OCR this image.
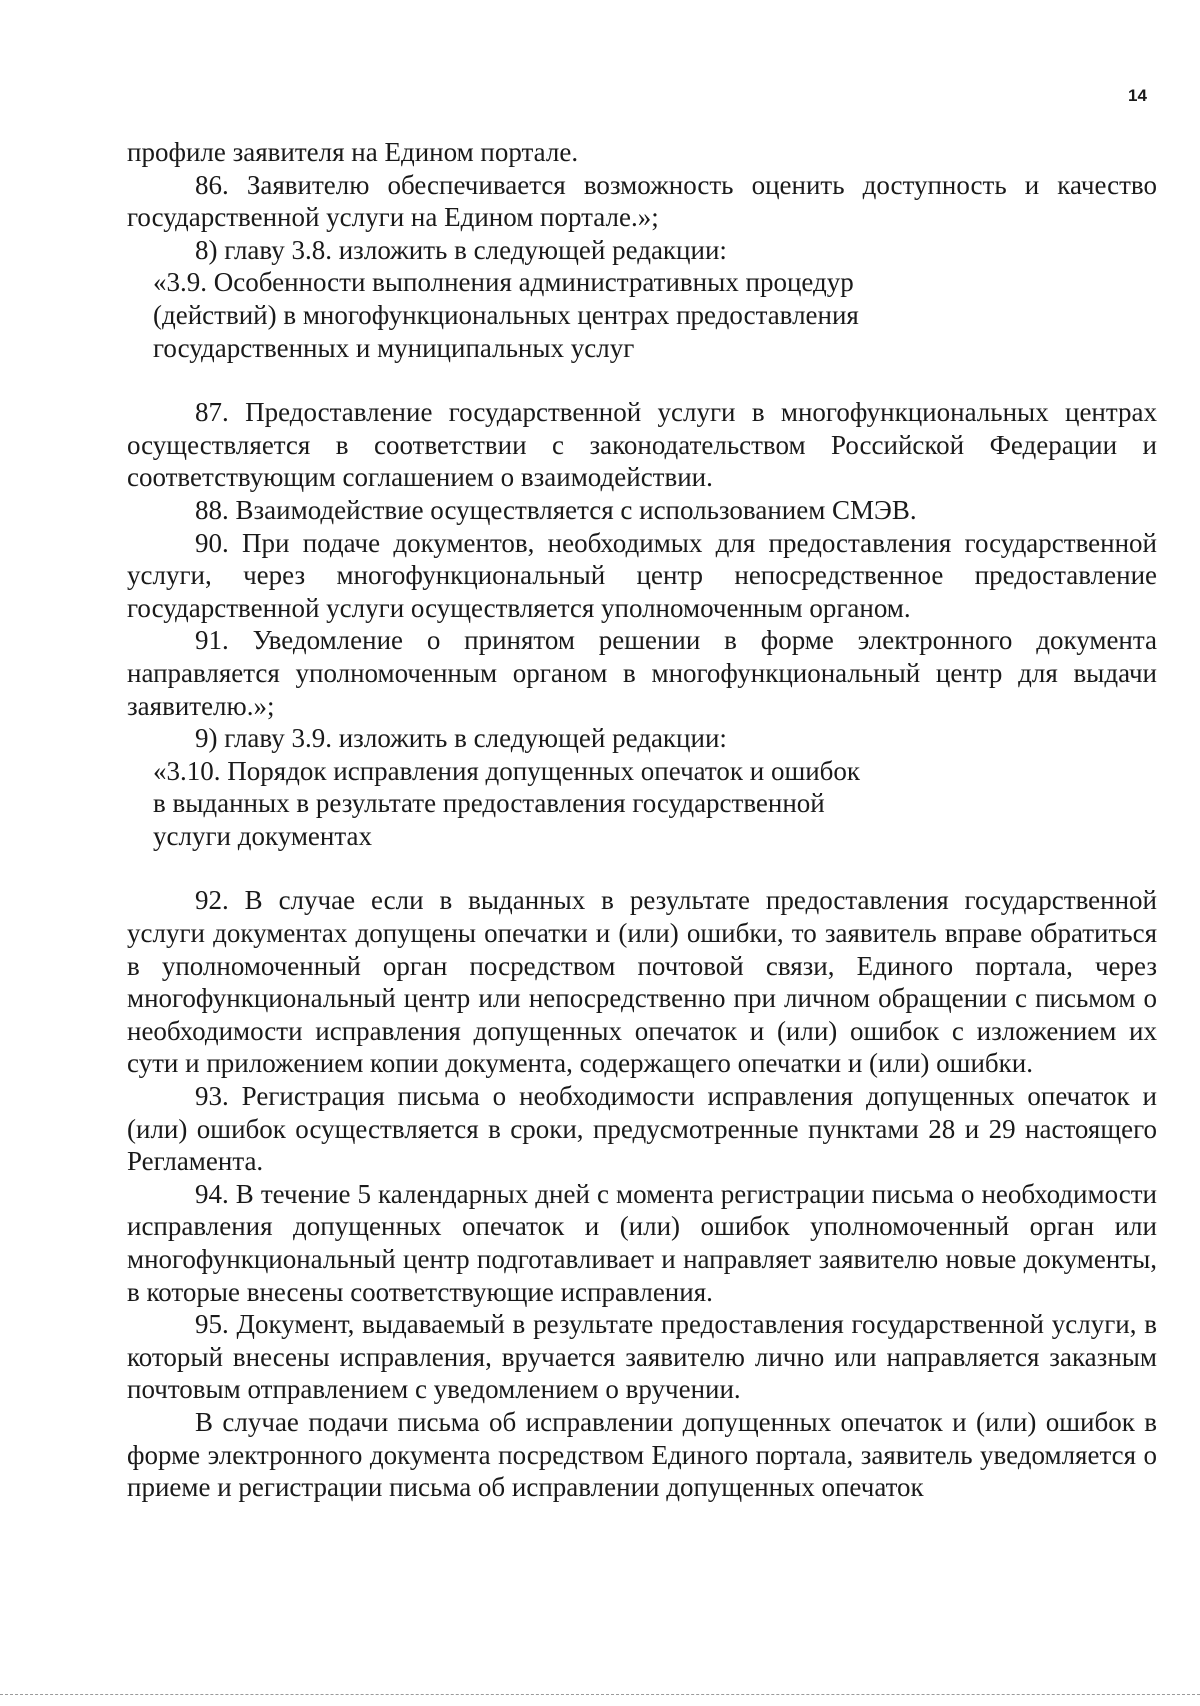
14

профиле заявителя на Едином портале.

86. Заявителю обеспечивается возможность оценить доступность и качество государственной услуги на Едином портале.»;

8) главу 3.8. изложить в следующей редакции:

«3.9. Особенности выполнения административных процедур

(действий) в многофункциональных центрах предоставления

государственных и муниципальных услуг

87. Предоставление государственной услуги в многофункциональных центрах осуществляется в соответствии с законодательством Российской Федерации и соответствующим соглашением о взаимодействии.

88. Взаимодействие осуществляется с использованием СМЭВ.

90. При подаче документов, необходимых для предоставления государственной услуги, через многофункциональный центр непосредственное предоставление государственной услуги осуществляется уполномоченным органом.

91. Уведомление о принятом решении в форме электронного документа направляется уполномоченным органом в многофункциональный центр для выдачи заявителю.»;

9) главу 3.9. изложить в следующей редакции:

«3.10. Порядок исправления допущенных опечаток и ошибок

в выданных в результате предоставления государственной

услуги документах

92. В случае если в выданных в результате предоставления государственной услуги документах допущены опечатки и (или) ошибки, то заявитель вправе обратиться в уполномоченный орган посредством почтовой связи, Единого портала, через многофункциональный центр или непосредственно при личном обращении с письмом о необходимости исправления допущенных опечаток и (или) ошибок с изложением их сути и приложением копии документа, содержащего опечатки и (или) ошибки.

93. Регистрация письма о необходимости исправления допущенных опечаток и (или) ошибок осуществляется в сроки, предусмотренные пунктами 28 и 29 настоящего Регламента.

94. В течение 5 календарных дней с момента регистрации письма о необходимости исправления допущенных опечаток и (или) ошибок уполномоченный орган или многофункциональный центр подготавливает и направляет заявителю новые документы, в которые внесены соответствующие исправления.

95. Документ, выдаваемый в результате предоставления государственной услуги, в который внесены исправления, вручается заявителю лично или направляется заказным почтовым отправлением с уведомлением о вручении.

В случае подачи письма об исправлении допущенных опечаток и (или) ошибок в форме электронного документа посредством Единого портала, заявитель уведомляется о приеме и регистрации письма об исправлении допущенных опечаток
